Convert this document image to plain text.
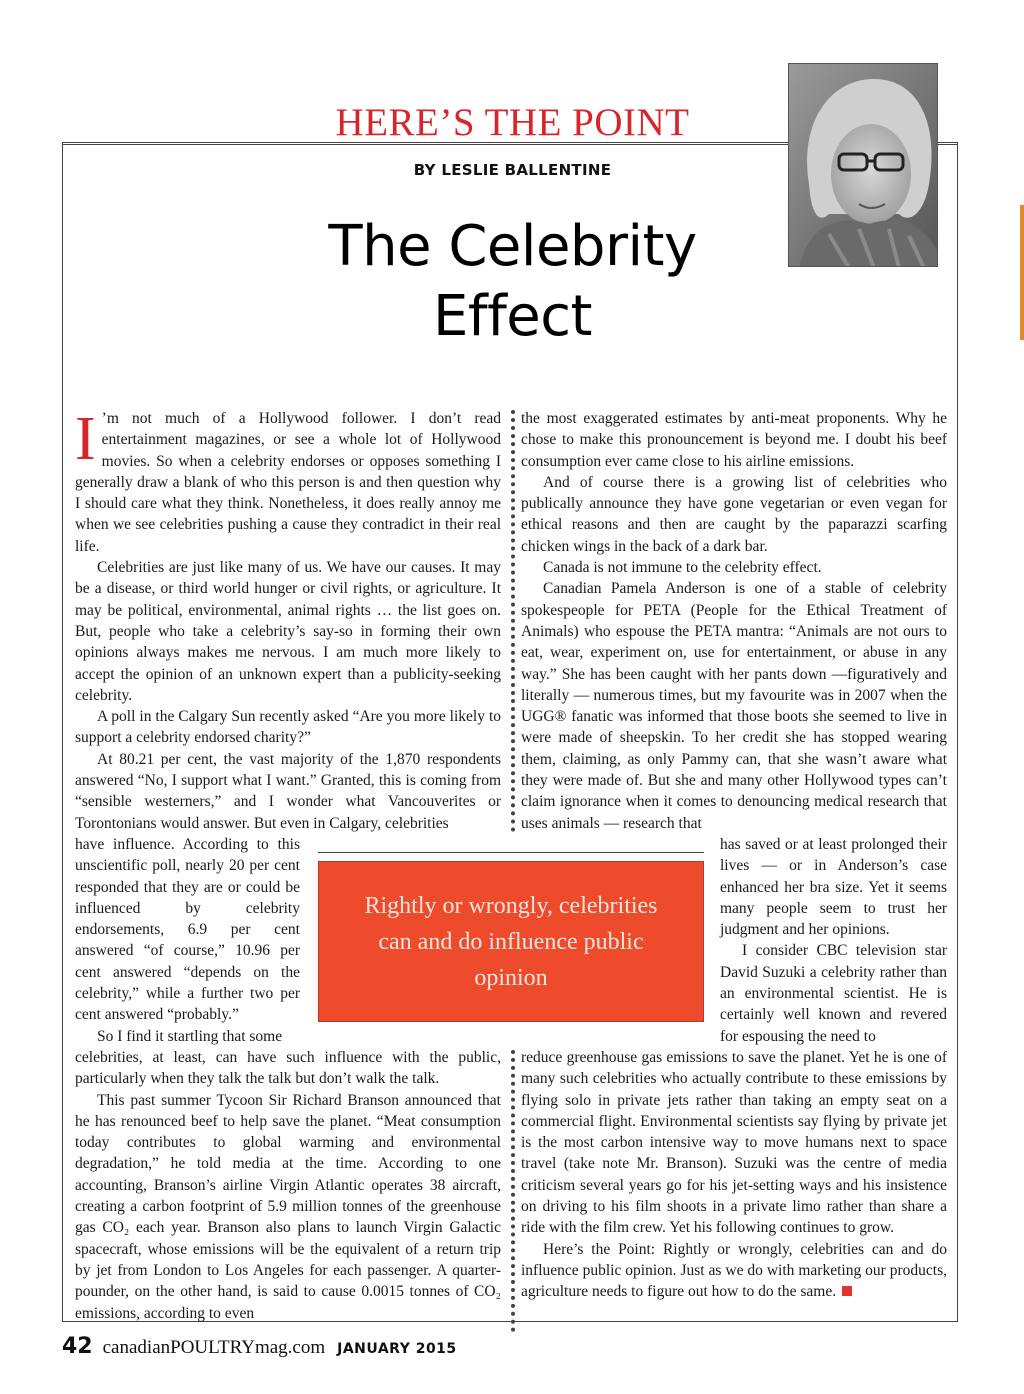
HERE’S THE POINT
BY LESLIE BALLENTINE
The Celebrity
Effect

I ’m not much of a Hollywood follower. I don’t read entertainment magazines, or see a whole lot of Hollywood movies. So when a celebrity endorses or opposes something I generally draw a blank of who this person is and then question why I should care what they think. Nonetheless, it does really annoy me when we see celebrities pushing a cause they contradict in their real life.

Celebrities are just like many of us. We have our causes. It may be a disease, or third world hunger or civil rights, or agriculture. It may be political, environmental, animal rights … the list goes on. But, people who take a celebrity’s say-so in forming their own opinions always makes me nervous. I am much more likely to accept the opinion of an unknown expert than a publicity-seeking celebrity.

A poll in the Calgary Sun recently asked “Are you more likely to support a celebrity endorsed charity?”

At 80.21 per cent, the vast majority of the 1,870 respondents answered “No, I support what I want.” Granted, this is coming from “sensible westerners,” and I wonder what Vancouverites or Torontonians would answer. But even in Calgary, celebrities

the most exaggerated estimates by anti-meat proponents. Why he chose to make this pronouncement is beyond me. I doubt his beef consumption ever came close to his airline emissions.

And of course there is a growing list of celebrities who publically announce they have gone vegetarian or even vegan for ethical reasons and then are caught by the paparazzi scarfing chicken wings in the back of a dark bar.

Canada is not immune to the celebrity effect.

Canadian Pamela Anderson is one of a stable of celebrity spokespeople for PETA (People for the Ethical Treatment of Animals) who espouse the PETA mantra: “Animals are not ours to eat, wear, experiment on, use for entertainment, or abuse in any way.” She has been caught with her pants down —figuratively and literally — numerous times, but my favourite was in 2007 when the UGG® fanatic was informed that those boots she seemed to live in were made of sheepskin. To her credit she has stopped wearing them, claiming, as only Pammy can, that she wasn’t aware what they were made of. But she and many other Hollywood types can’t claim ignorance when it comes to denouncing medical research that uses animals — research that

have influence. According to this unscientific poll, nearly 20 per cent responded that they are or could be influenced by celebrity endorsements, 6.9 per cent answered “of course,” 10.96 per cent answered “depends on the celebrity,” while a further two per cent answered “probably.”

So I find it startling that some

has saved or at least prolonged their lives — or in Anderson’s case enhanced her bra size. Yet it seems many people seem to trust her judgment and her opinions.

I consider CBC television star David Suzuki a celebrity rather than an environmental scientist. He is certainly well known and revered for espousing the need to

celebrities, at least, can have such influence with the public, particularly when they talk the talk but don’t walk the talk.

This past summer Tycoon Sir Richard Branson announced that he has renounced beef to help save the planet. “Meat consumption today contributes to global warming and environmental degradation,” he told media at the time. According to one accounting, Branson’s airline Virgin Atlantic operates 38 aircraft, creating a carbon footprint of 5.9 million tonnes of the greenhouse gas CO₂ each year. Branson also plans to launch Virgin Galactic spacecraft, whose emissions will be the equivalent of a return trip by jet from London to Los Angeles for each passenger. A quarter-pounder, on the other hand, is said to cause 0.0015 tonnes of CO₂ emissions, according to even

reduce greenhouse gas emissions to save the planet. Yet he is one of many such celebrities who actually contribute to these emissions by flying solo in private jets rather than taking an empty seat on a commercial flight. Environmental scientists say flying by private jet is the most carbon intensive way to move humans next to space travel (take note Mr. Branson). Suzuki was the centre of media criticism several years go for his jet-setting ways and his insistence on driving to his film shoots in a private limo rather than share a ride with the film crew. Yet his following continues to grow.

Here’s the Point: Rightly or wrongly, celebrities can and do influence public opinion. Just as we do with marketing our products, agriculture needs to figure out how to do the same.

Rightly or wrongly, celebrities can and do influence public opinion
42 canadianPOULTRYmag.com JANUARY 2015
